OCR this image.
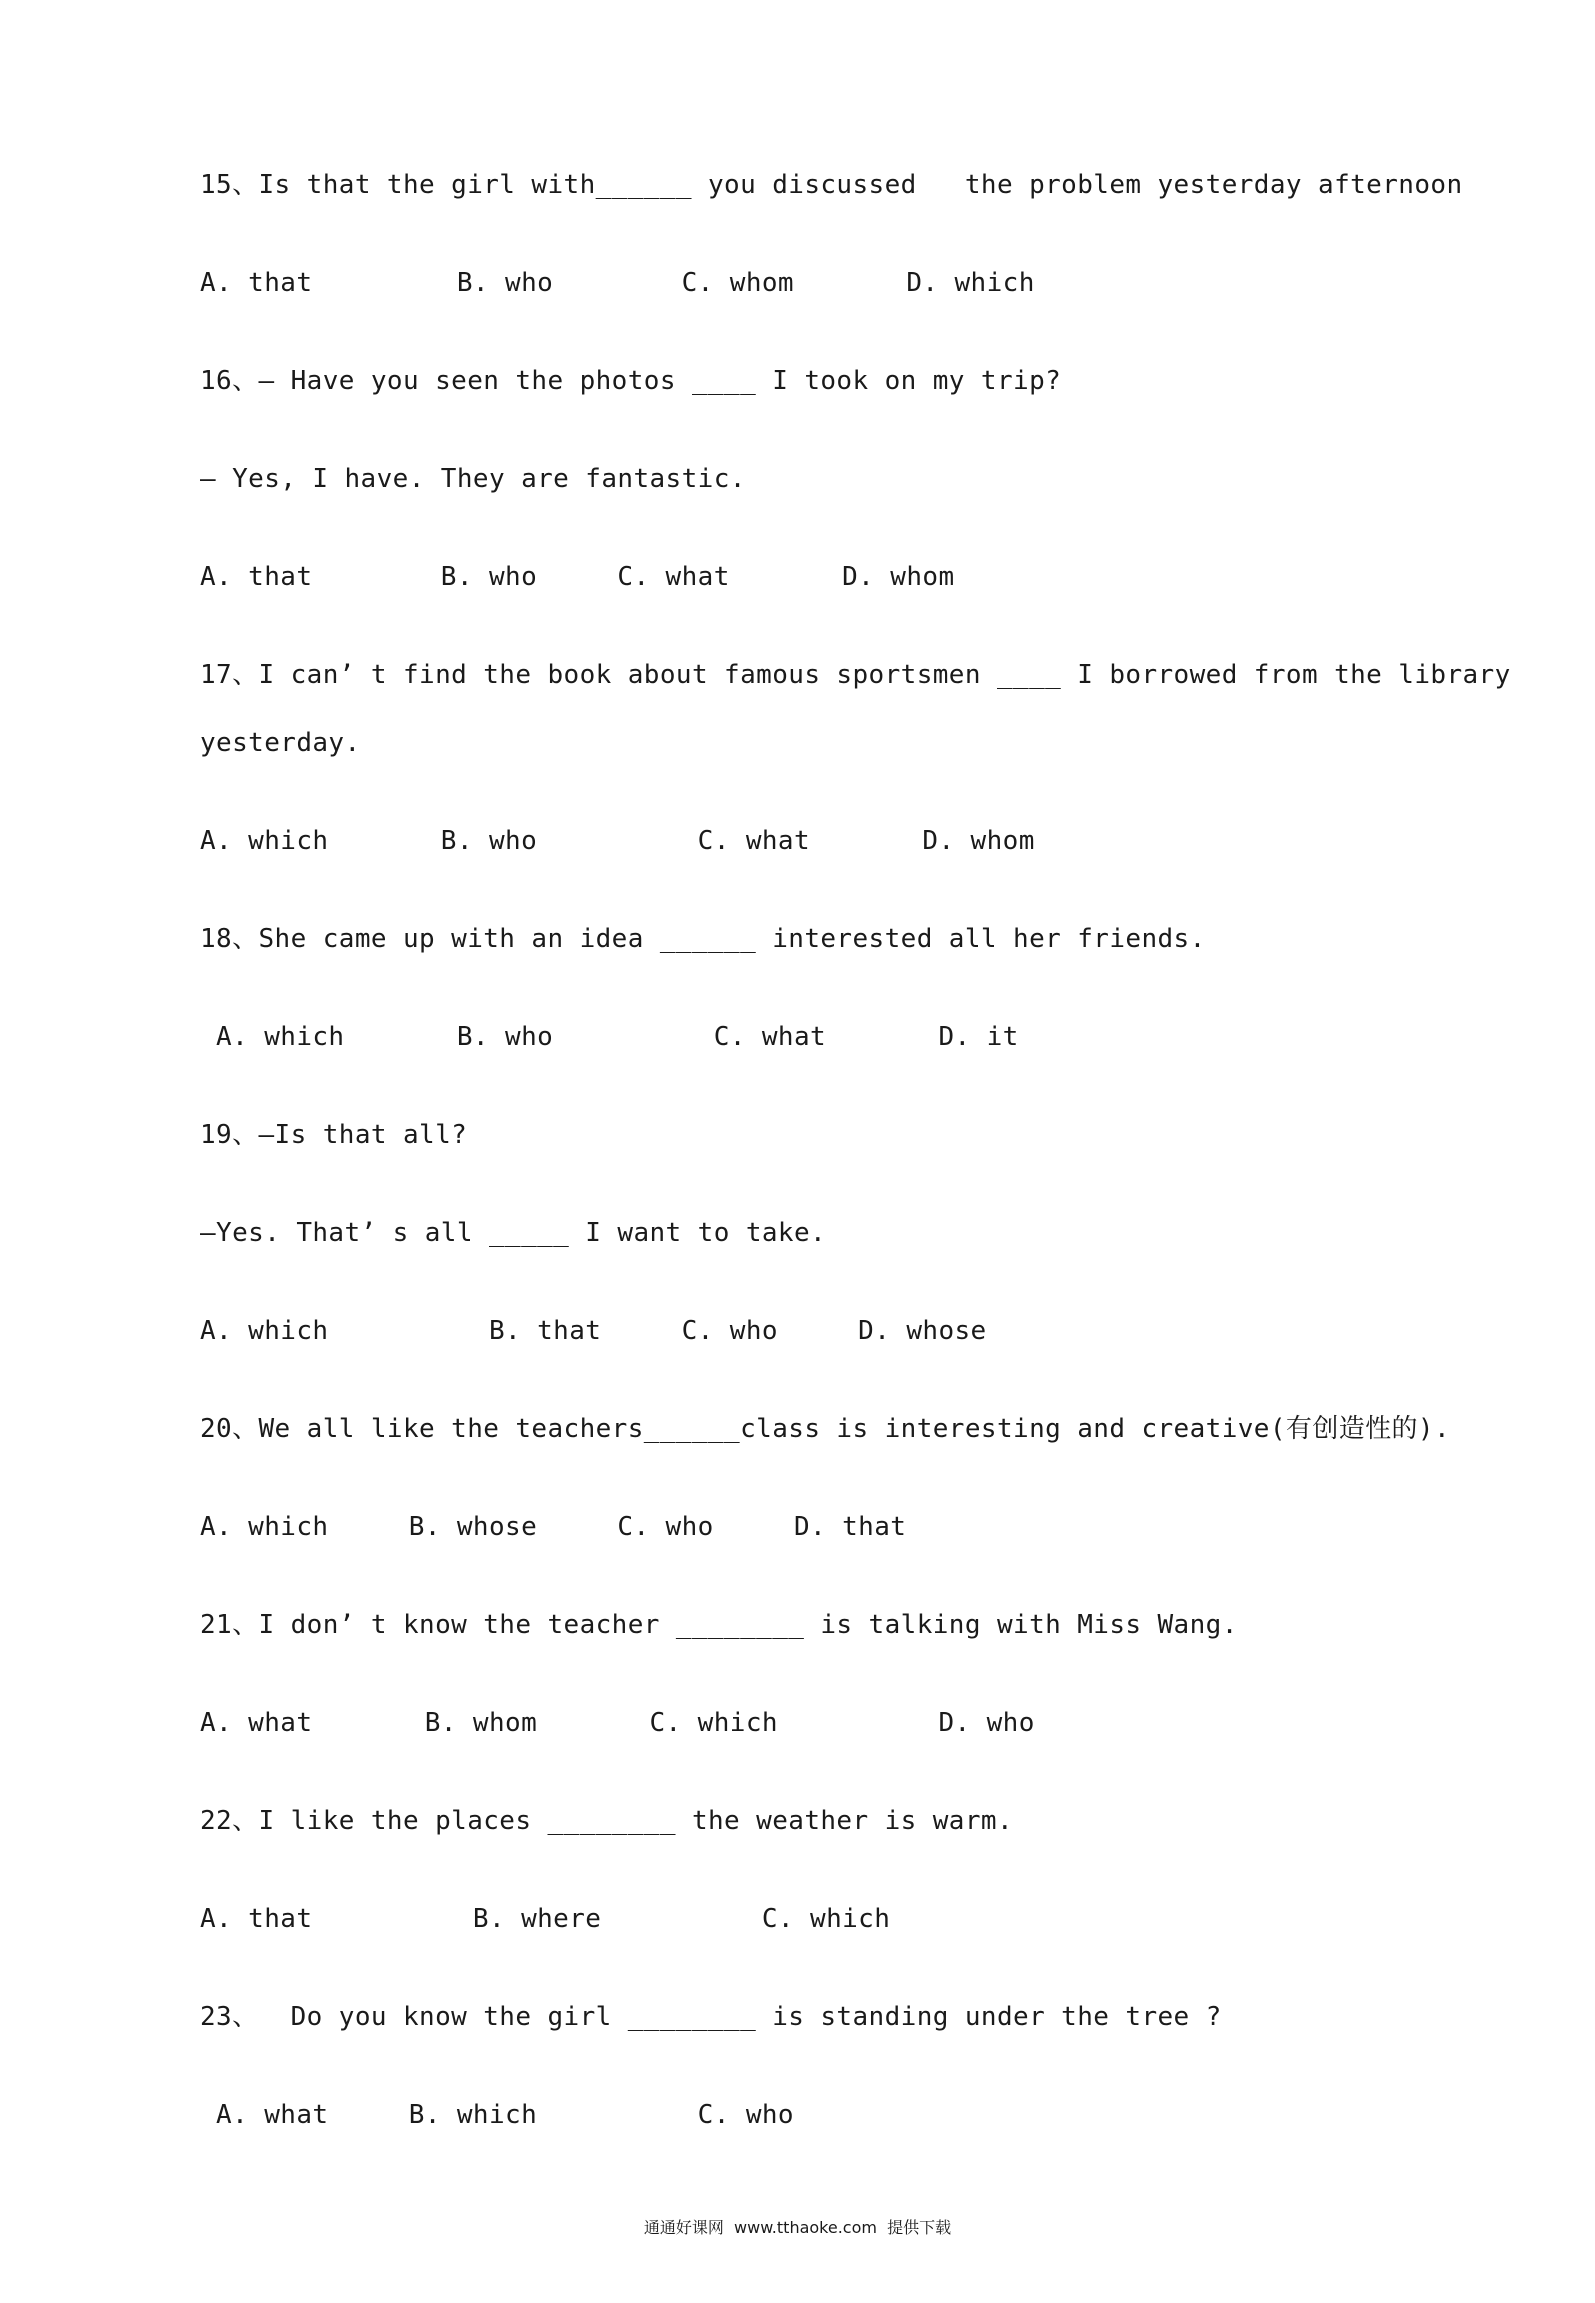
15、Is that the girl with______ you discussed   the problem yesterday afternoon
A. that         B. who        C. whom       D. which
16、— Have you seen the photos ____ I took on my trip?
— Yes, I have. They are fantastic.
A. that        B. who     C. what       D. whom
17、I can’ t find the book about famous sportsmen ____ I borrowed from the library
yesterday.
A. which       B. who          C. what       D. whom
18、She came up with an idea ______ interested all her friends.
A. which       B. who          C. what       D. it
19、—Is that all?
—Yes. That’ s all _____ I want to take.
A. which          B. that     C. who     D. whose
20、We all like the teachers______class is interesting and creative(有创造性的).
A. which     B. whose     C. who     D. that
21、I don’ t know the teacher ________ is talking with Miss Wang.
A. what       B. whom       C. which          D. who
22、I like the places ________ the weather is warm.
A. that          B. where          C. which
23、  Do you know the girl ________ is standing under the tree ?
A. what     B. which          C. who
通通好课网  www.tthaoke.com  提供下载
